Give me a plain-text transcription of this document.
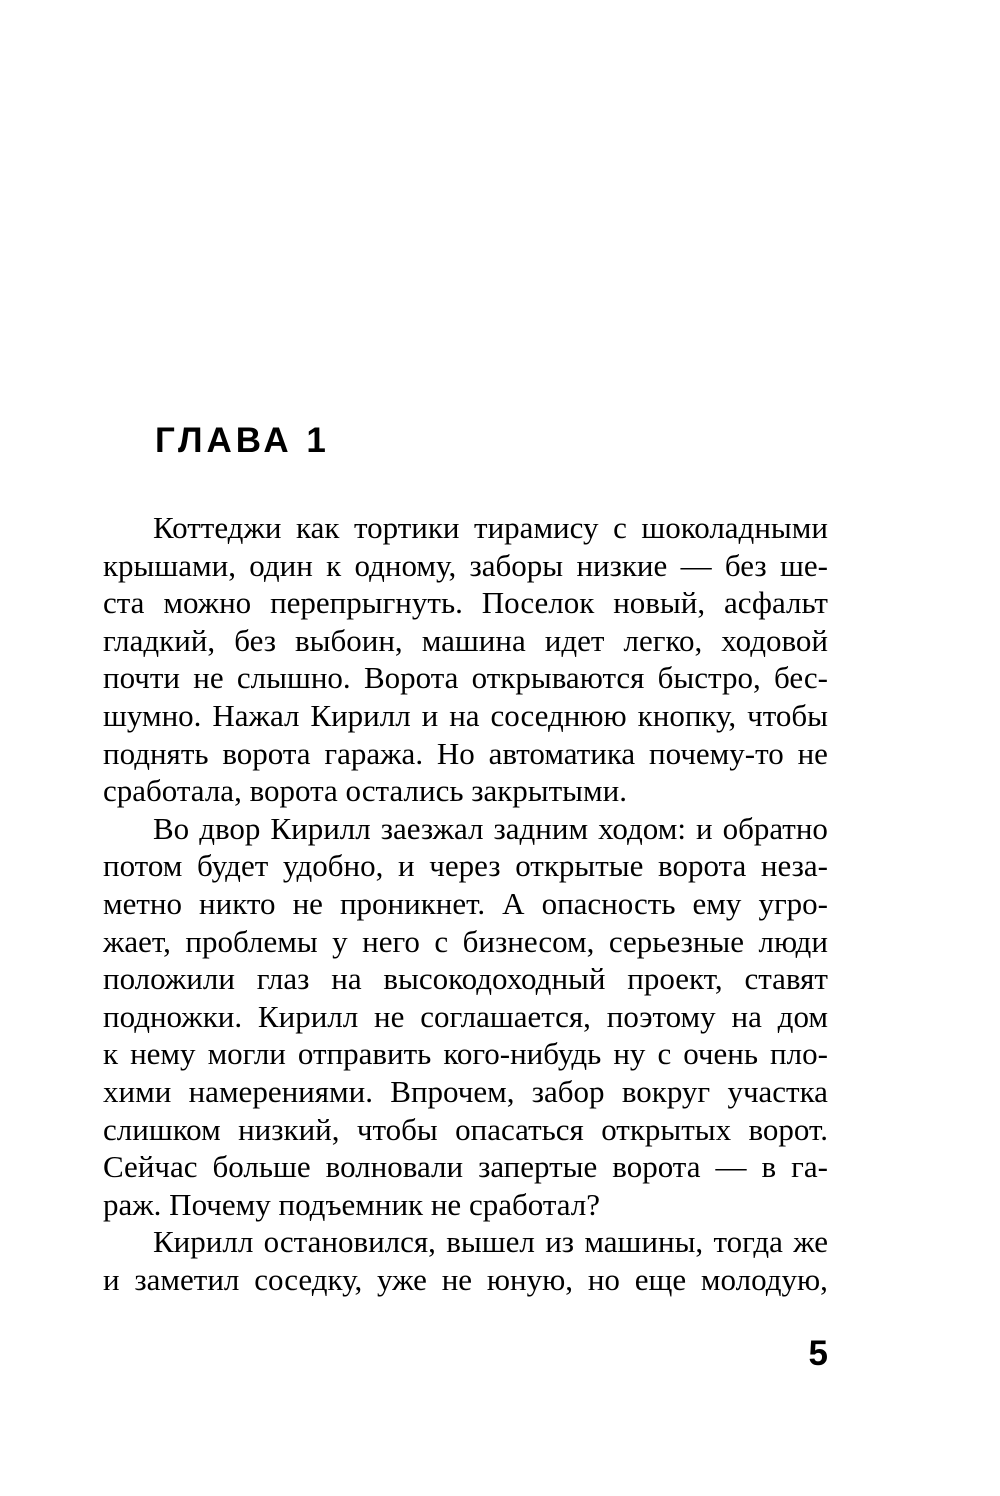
ГЛАВА 1
Коттеджи как тортики тирамису с шоколадными
крышами, один к одному, заборы низкие — без ше-
ста можно перепрыгнуть. Поселок новый, асфальт
гладкий, без выбоин, машина идет легко, ходовой
почти не слышно. Ворота открываются быстро, бес-
шумно. Нажал Кирилл и на соседнюю кнопку, чтобы
поднять ворота гаража. Но автоматика почему-то не
сработала, ворота остались закрытыми.
Во двор Кирилл заезжал задним ходом: и обратно
потом будет удобно, и через открытые ворота неза-
метно никто не проникнет. А опасность ему угро-
жает, проблемы у него с бизнесом, серьезные люди
положили глаз на высокодоходный проект, ставят
подножки. Кирилл не соглашается, поэтому на дом
к нему могли отправить кого-нибудь ну с очень пло-
хими намерениями. Впрочем, забор вокруг участка
слишком низкий, чтобы опасаться открытых ворот.
Сейчас больше волновали запертые ворота — в га-
раж. Почему подъемник не сработал?
Кирилл остановился, вышел из машины, тогда же
и заметил соседку, уже не юную, но еще молодую,
5
